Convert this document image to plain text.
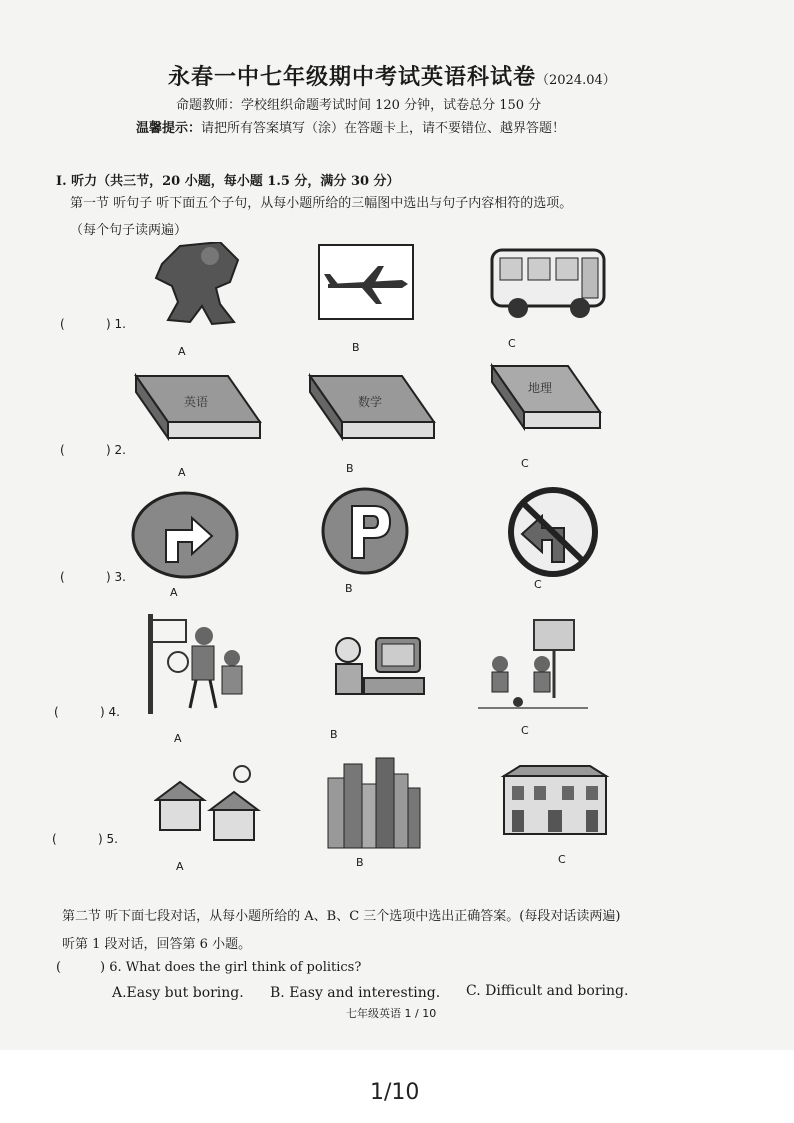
永春一中七年级期中考试英语科试卷（2024.04）
命题教师：学校组织命题考试时间 120 分钟，试卷总分 150 分
温馨提示：请把所有答案填写（涂）在答题卡上，请不要错位、越界答题！
I. 听力（共三节，20 小题，每小题 1.5 分，满分 30 分）
第一节 听句子 听下面五个子句，从每小题所给的三幅图中选出与句子内容相符的选项。
（每个句子读两遍）
(	) 1.
A	B	C
(	) 2.
英语	数学
地理
A	B	C
(	) 3.
A	B	C
(	) 4.
A	B	C
(	) 5.
A	B	C
第二节 听下面七段对话，从每小题所给的 A、B、C 三个选项中选出正确答案。(每段对话读两遍)
听第 1 段对话，回答第 6 小题。
(	) 6. What does the girl think of politics?
A.Easy but boring. B. Easy and interesting. C. Difficult and boring.
七年级英语 1 / 10
1/10
